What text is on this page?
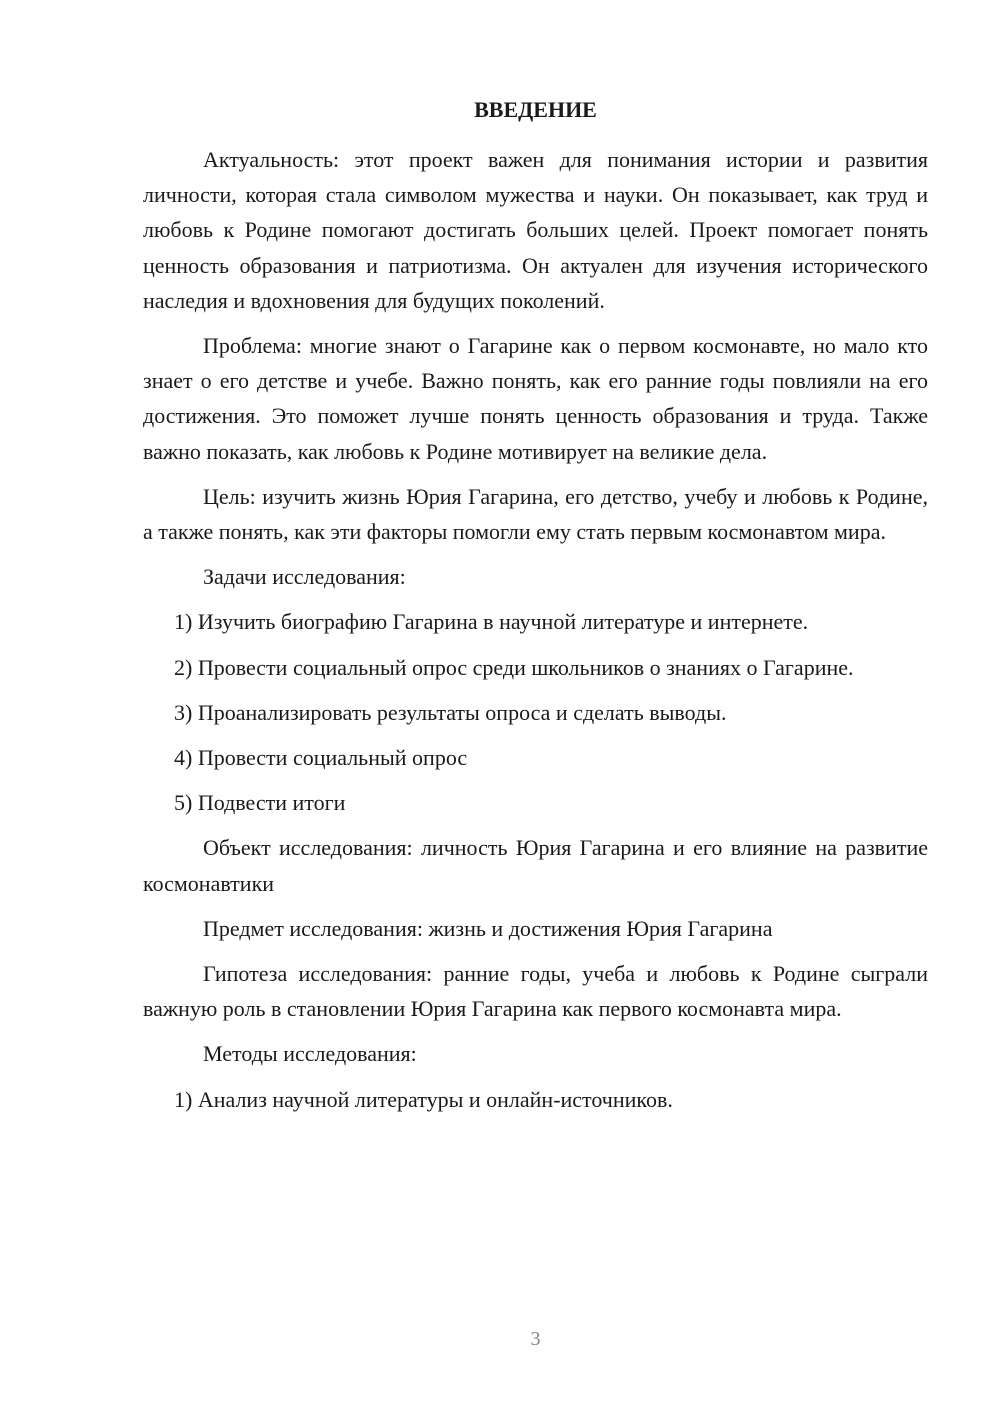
ВВЕДЕНИЕ

Актуальность: этот проект важен для понимания истории и развития личности, которая стала символом мужества и науки. Он показывает, как труд и любовь к Родине помогают достигать больших целей. Проект помогает понять ценность образования и патриотизма. Он актуален для изучения исторического наследия и вдохновения для будущих поколений.

Проблема: многие знают о Гагарине как о первом космонавте, но мало кто знает о его детстве и учебе. Важно понять, как его ранние годы повлияли на его достижения. Это поможет лучше понять ценность образования и труда. Также важно показать, как любовь к Родине мотивирует на великие дела.

Цель: изучить жизнь Юрия Гагарина, его детство, учебу и любовь к Родине, а также понять, как эти факторы помогли ему стать первым космонавтом мира.

Задачи исследования:

1) Изучить биографию Гагарина в научной литературе и интернете.

2) Провести социальный опрос среди школьников о знаниях о Гагарине.

3) Проанализировать результаты опроса и сделать выводы.

4) Провести социальный опрос

5) Подвести итоги

Объект исследования: личность Юрия Гагарина и его влияние на развитие космонавтики

Предмет исследования: жизнь и достижения Юрия Гагарина

Гипотеза исследования: ранние годы, учеба и любовь к Родине сыграли важную роль в становлении Юрия Гагарина как первого космонавта мира.

Методы исследования:

1) Анализ научной литературы и онлайн-источников.

3
